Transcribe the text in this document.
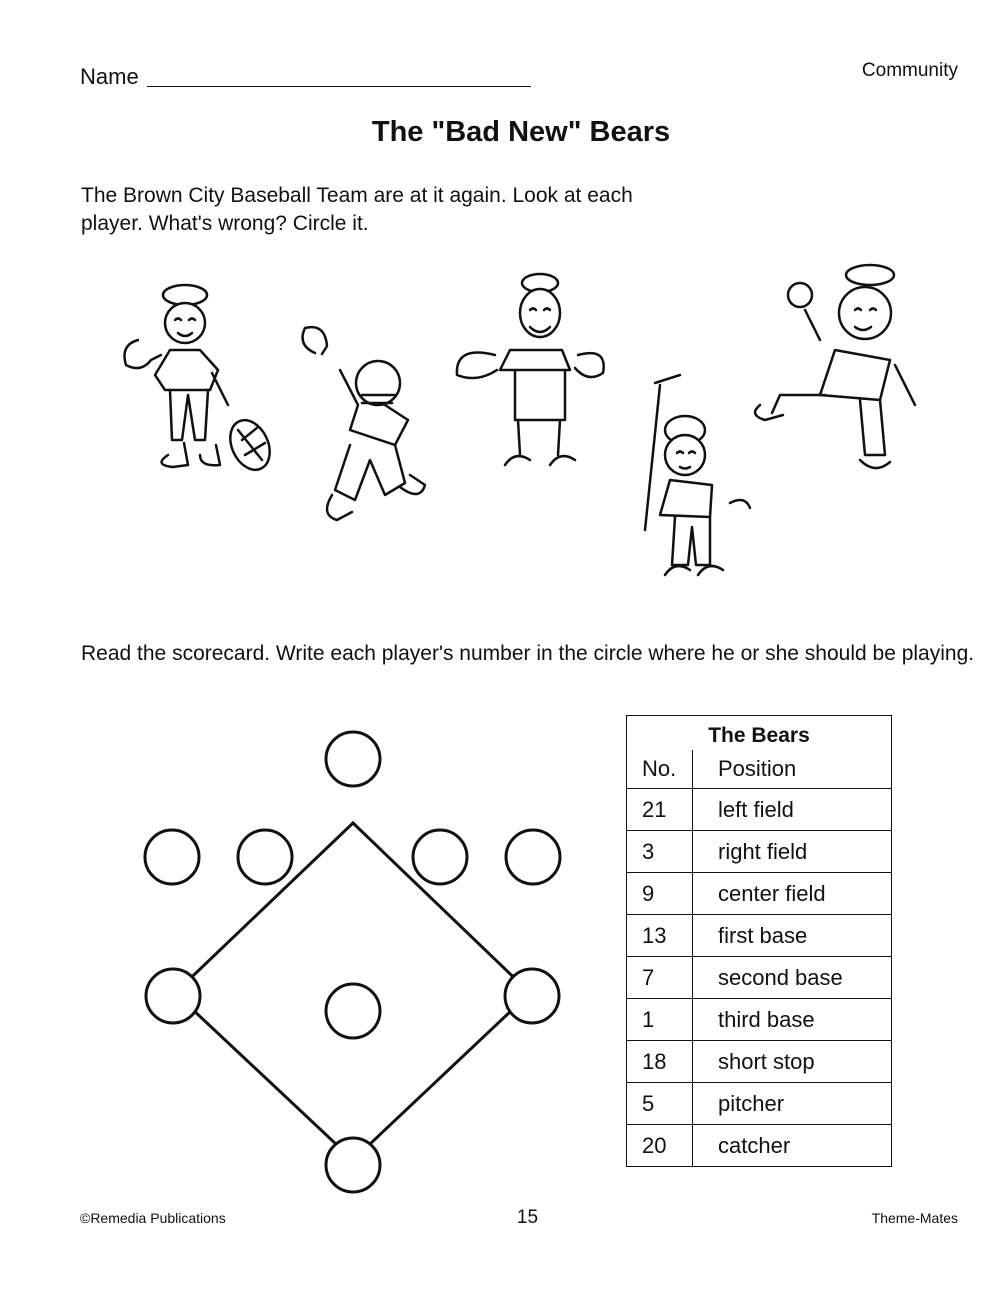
Name	Community
The "Bad New" Bears
The Brown City Baseball Team are at it again. Look at each player. What's wrong? Circle it.
Read the scorecard. Write each player's number in the circle where he or she should be playing.
The Bears
No.	Position
21	left field
3	right field
9	center field
13	first base
7	second base
1	third base
18	short stop
5	pitcher
20	catcher
©Remedia Publications	15	Theme-Mates
